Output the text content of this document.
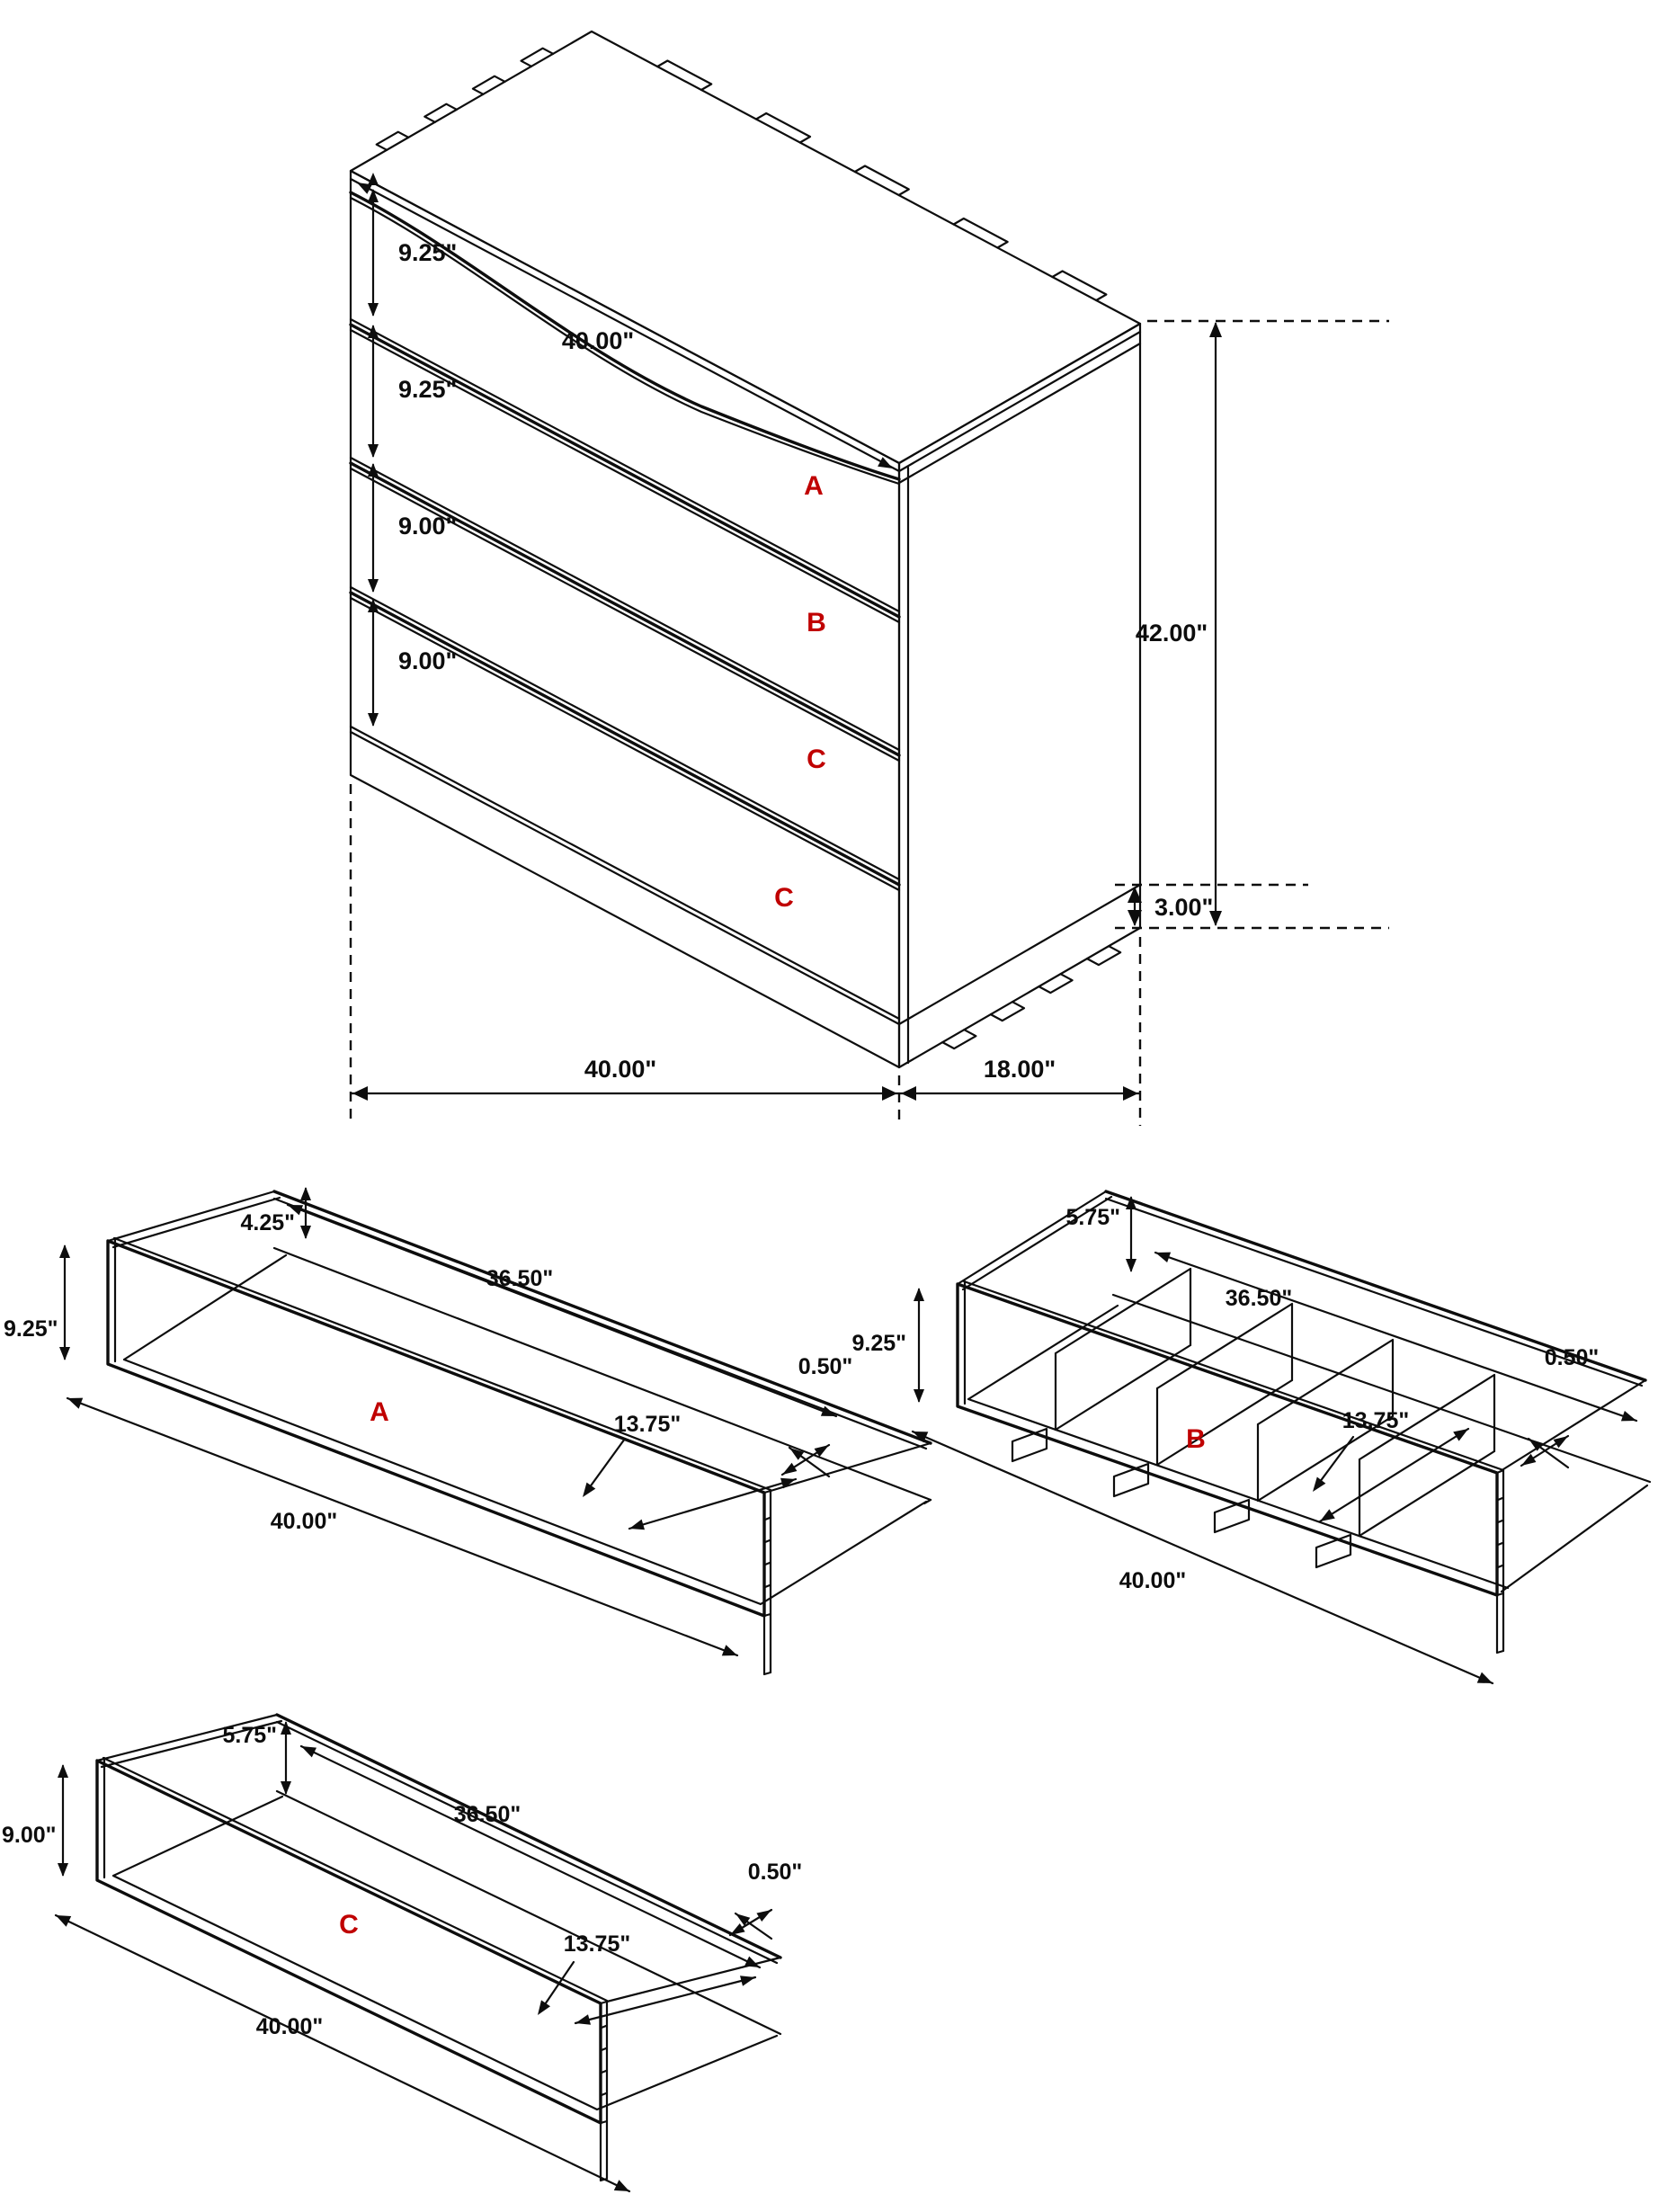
9.25"
9.25"
9.00"
9.00"
40.00"
A
B
C
C
42.00"
3.00"
40.00"	18.00"
9.25"
4.25"
36.50"
13.75"
0.50"
40.00"
A
9.25"
5.75"
36.50"
13.75"
0.50"
40.00"
B
9.00"
5.75"
36.50"
13.75"
0.50"
40.00"
C
